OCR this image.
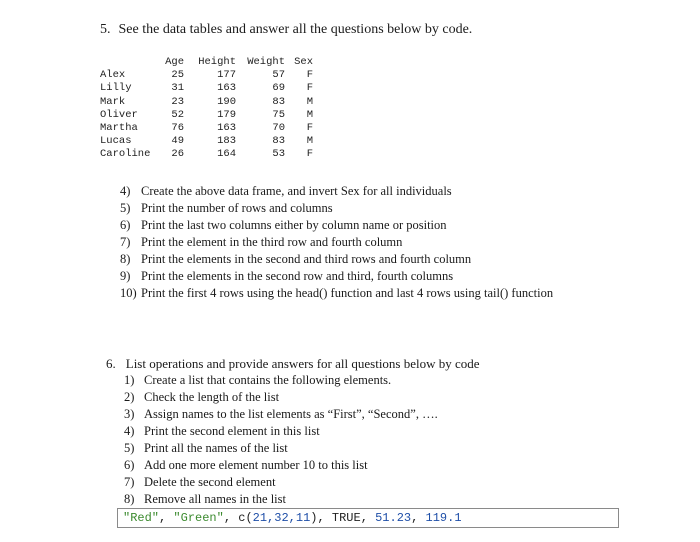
5. See the data tables and answer all the questions below by code.
	Age	Height	Weight	Sex
Alex	25	177	57	F
Lilly	31	163	69	F
Mark	23	190	83	M
Oliver	52	179	75	M
Martha	76	163	70	F
Lucas	49	183	83	M
Caroline	26	164	53	F
4) Create the above data frame, and invert Sex for all individuals
5) Print the number of rows and columns
6) Print the last two columns either by column name or position
7) Print the element in the third row and fourth column
8) Print the elements in the second and third rows and fourth column
9) Print the elements in the second row and third, fourth columns
10) Print the first 4 rows using the head() function and last 4 rows using tail() function
6. List operations and provide answers for all questions below by code
1) Create a list that contains the following elements.
2) Check the length of the list
3) Assign names to the list elements as “First”, “Second”, ….
4) Print the second element in this list
5) Print all the names of the list
6) Add one more element number 10 to this list
7) Delete the second element
8) Remove all names in the list
"Red", "Green", c(21,32,11), TRUE, 51.23, 119.1
